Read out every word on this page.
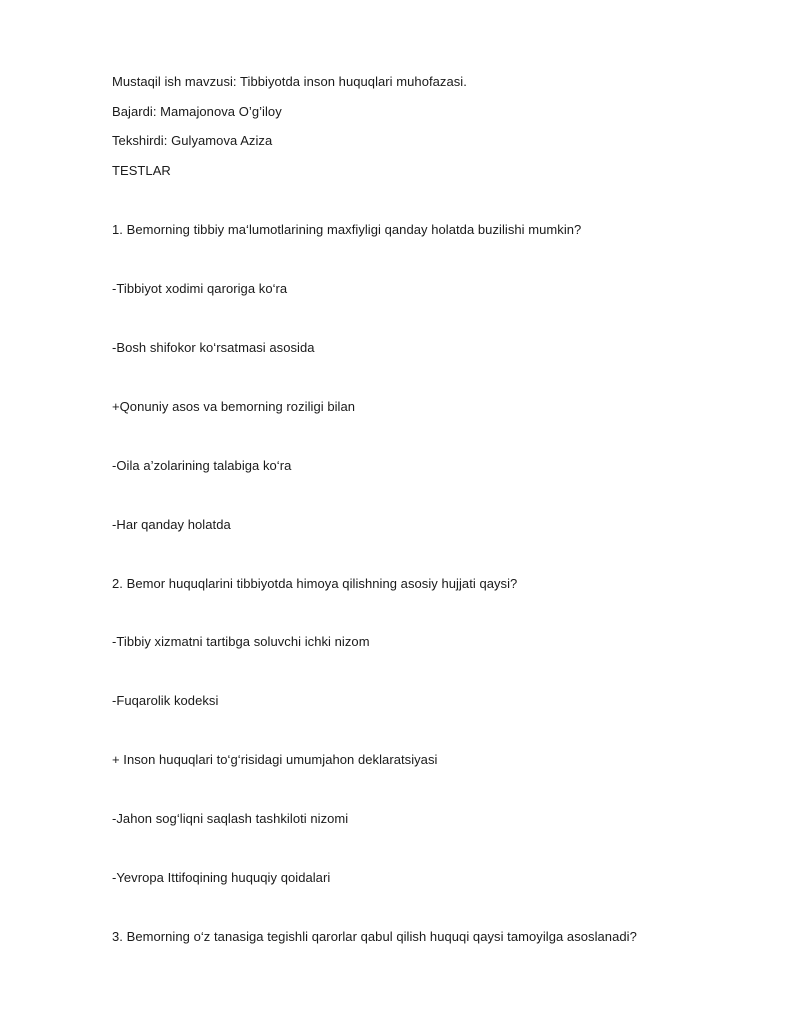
Mustaqil ish mavzusi: Tibbiyotda inson huquqlari muhofazasi.
Bajardi: Mamajonova O’g’iloy
Tekshirdi: Gulyamova Aziza
TESTLAR
1. Bemorning tibbiy ma‘lumotlarining maxfiyligi qanday holatda buzilishi mumkin?
-Tibbiyot xodimi qaroriga ko‘ra
-Bosh shifokor ko‘rsatmasi asosida
+Qonuniy asos va bemorning roziligi bilan
-Oila a’zolarining talabiga ko‘ra
-Har qanday holatda
2. Bemor huquqlarini tibbiyotda himoya qilishning asosiy hujjati qaysi?
-Tibbiy xizmatni tartibga soluvchi ichki nizom
-Fuqarolik kodeksi
+ Inson huquqlari to‘g‘risidagi umumjahon deklaratsiyasi
-Jahon sog‘liqni saqlash tashkiloti nizomi
-Yevropa Ittifoqining huquqiy qoidalari
3. Bemorning o‘z tanasiga tegishli qarorlar qabul qilish huquqi qaysi tamoyilga asoslanadi?
